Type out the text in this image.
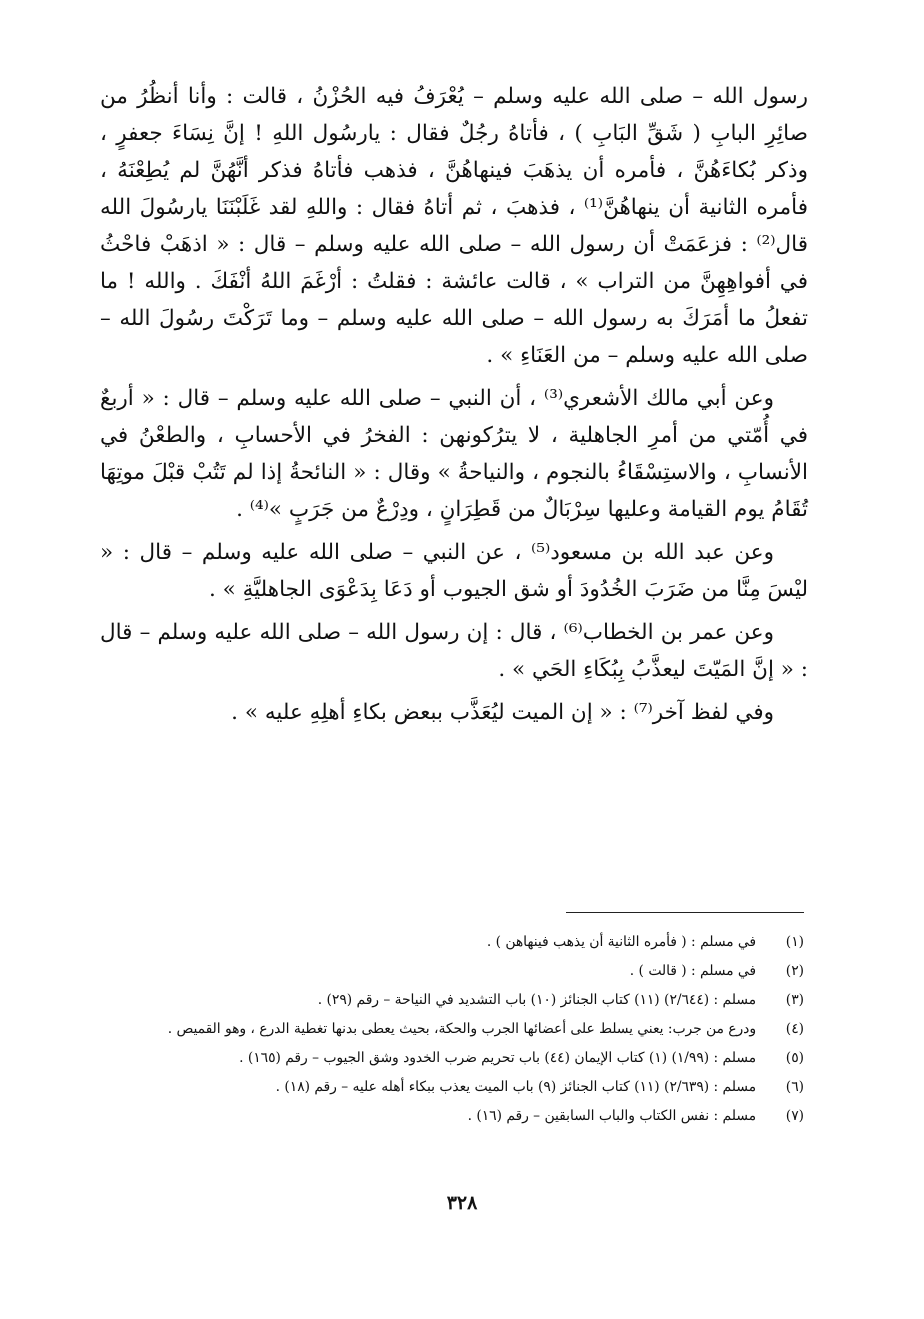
رسول الله – صلى الله عليه وسلم – يُعْرَفُ فيه الحُزْنُ ، قالت : وأنا أنظُرُ من صائِرِ البابِ ( شَقِّ البَابِ ) ، فأتاهُ رجُلٌ فقال : يارسُول اللهِ ! إنَّ نِسَاءَ جعفرٍ ، وذكر بُكاءَهُنَّ ، فأمره أن يذهَبَ فينهاهُنَّ ، فذهب فأتاهُ فذكر أنَّهُنَّ لم يُطِعْنَهُ ، فأمره الثانية أن ينهاهُنَّ⁽¹⁾ ، فذهبَ ، ثم أتاهُ فقال : واللهِ لقد غَلَبْنَنَا يارسُولَ الله قال⁽²⁾ : فزعَمَتْ أن رسول الله – صلى الله عليه وسلم – قال : « اذهَبْ فاحْثُ في أفواهِهِنَّ من التراب » ، قالت عائشة : فقلتُ : أرْغَمَ اللهُ أنْفَكَ . والله ! ما تفعلُ ما أمَرَكَ به رسول الله – صلى الله عليه وسلم – وما تَرَكْتَ رسُولَ الله – صلى الله عليه وسلم – من العَنَاءِ » .

وعن أبي مالك الأشعري⁽³⁾ ، أن النبي – صلى الله عليه وسلم – قال : « أربعٌ في أُمّتي من أمرِ الجاهلية ، لا يترُكونهن : الفخرُ في الأحسابِ ، والطعْنُ في الأنسابِ ، والاستِسْقَاءُ بالنجوم ، والنياحةُ » وقال : « النائحةُ إذا لم تَتُبْ قبْلَ موتِهَا تُقَامُ يوم القيامة وعليها سِرْبَالٌ من قَطِرَانٍ ، ودِرْعٌ من جَرَبٍ »⁽⁴⁾ .

وعن عبد الله بن مسعود⁽⁵⁾ ، عن النبي – صلى الله عليه وسلم – قال : « ليْسَ مِنَّا من ضَرَبَ الخُدُودَ أو شق الجيوب أو دَعَا بِدَعْوَى الجاهليَّةِ » .

وعن عمر بن الخطاب⁽⁶⁾ ، قال : إن رسول الله – صلى الله عليه وسلم – قال : « إنَّ المَيّتَ ليعذَّبُ بِبُكَاءِ الحَي » .

وفي لفظ آخر⁽⁷⁾ : « إن الميت ليُعَذَّب ببعض بكاءِ أهلِهِ عليه » .

(١)
في مسلم : ( فأمره الثانية أن يذهب فينهاهن ) .
(٢)
في مسلم : ( قالت ) .
(٣)
مسلم : (٢/٦٤٤) (١١) كتاب الجنائز (١٠) باب التشديد في النياحة – رقم (٢٩) .
(٤)
ودرع من جرب: يعني يسلط على أعضائها الجرب والحكة، بحيث يعطى بدنها تغطية الدرع ، وهو القميص .
(٥)
مسلم : (١/٩٩) (١) كتاب الإيمان (٤٤) باب تحريم ضرب الخدود وشق الجيوب – رقم (١٦٥) .
(٦)
مسلم : (٢/٦٣٩) (١١) كتاب الجنائز (٩) باب الميت يعذب ببكاء أهله عليه – رقم (١٨) .
(٧)
مسلم : نفس الكتاب والباب السابقين – رقم (١٦) .
٣٢٨
